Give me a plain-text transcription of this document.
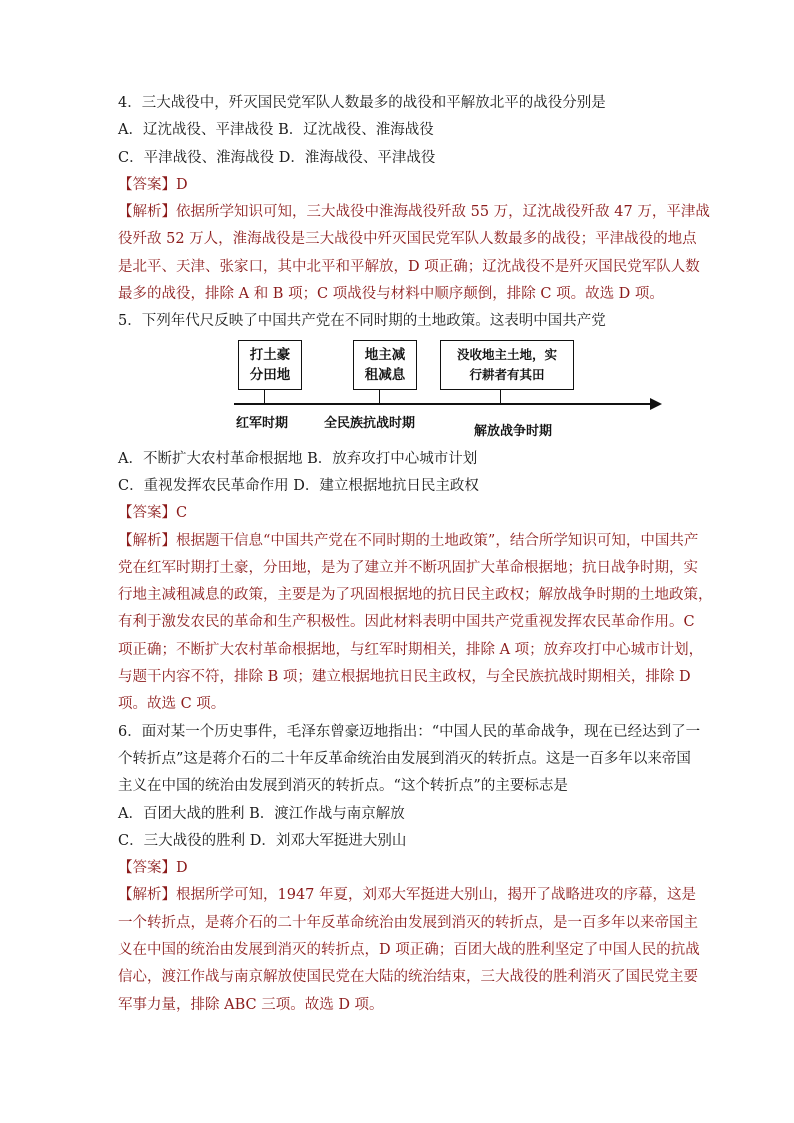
4．三大战役中，歼灭国民党军队人数最多的战役和平解放北平的战役分别是
A．辽沈战役、平津战役 B．辽沈战役、淮海战役
C．平津战役、淮海战役 D．淮海战役、平津战役
【答案】D
【解析】依据所学知识可知，三大战役中淮海战役歼敌 55 万，辽沈战役歼敌 47 万，平津战
役歼敌 52 万人，淮海战役是三大战役中歼灭国民党军队人数最多的战役；平津战役的地点
是北平、天津、张家口，其中北平和平解放，D 项正确；辽沈战役不是歼灭国民党军队人数
最多的战役，排除 A 和 B 项；C 项战役与材料中顺序颠倒，排除 C 项。故选 D 项。
5．下列年代尺反映了中国共产党在不同时期的土地政策。这表明中国共产党
打土豪
分田地
地主减
租减息
没收地主土地，实
行耕者有其田
红军时期	全民族抗战时期
解放战争时期
A．不断扩大农村革命根据地 B．放弃攻打中心城市计划
C．重视发挥农民革命作用 D．建立根据地抗日民主政权
【答案】C
【解析】根据题干信息“中国共产党在不同时期的土地政策”，结合所学知识可知，中国共产
党在红军时期打土豪，分田地，是为了建立并不断巩固扩大革命根据地；抗日战争时期，实
行地主减租减息的政策，主要是为了巩固根据地的抗日民主政权；解放战争时期的土地政策，
有利于激发农民的革命和生产积极性。因此材料表明中国共产党重视发挥农民革命作用。C
项正确；不断扩大农村革命根据地，与红军时期相关，排除 A 项；放弃攻打中心城市计划，
与题干内容不符，排除 B 项；建立根据地抗日民主政权，与全民族抗战时期相关，排除 D
项。故选 C 项。
6．面对某一个历史事件，毛泽东曾豪迈地指出：“中国人民的革命战争，现在已经达到了一
个转折点”这是蒋介石的二十年反革命统治由发展到消灭的转折点。这是一百多年以来帝国
主义在中国的统治由发展到消灭的转折点。“这个转折点”的主要标志是
A．百团大战的胜利 B．渡江作战与南京解放
C．三大战役的胜利 D．刘邓大军挺进大别山
【答案】D
【解析】根据所学可知，1947 年夏，刘邓大军挺进大别山，揭开了战略进攻的序幕，这是
一个转折点，是蒋介石的二十年反革命统治由发展到消灭的转折点，是一百多年以来帝国主
义在中国的统治由发展到消灭的转折点，D 项正确；百团大战的胜利坚定了中国人民的抗战
信心，渡江作战与南京解放使国民党在大陆的统治结束，三大战役的胜利消灭了国民党主要
军事力量，排除 ABC 三项。故选 D 项。
